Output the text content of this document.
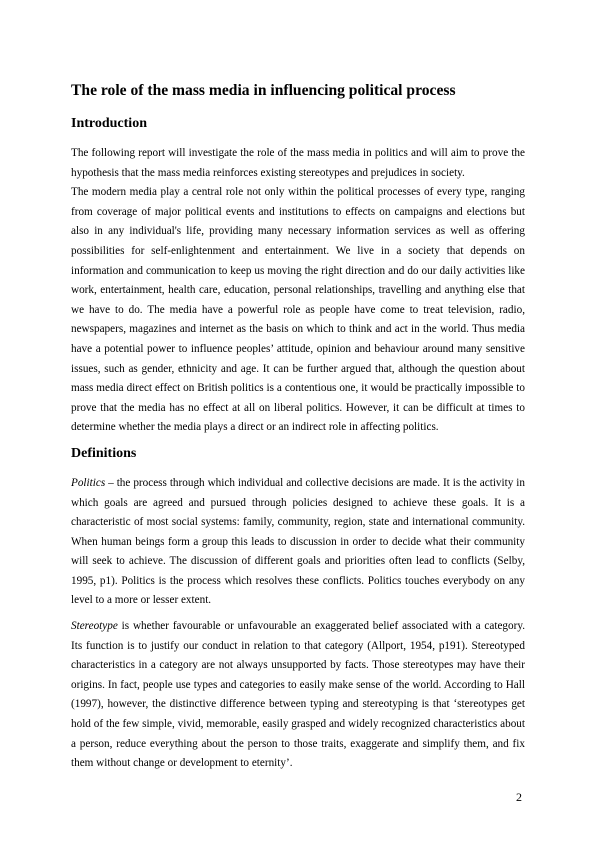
The role of the mass media in influencing political process
Introduction

The following report will investigate the role of the mass media in politics and will aim to prove the hypothesis that the mass media reinforces existing stereotypes and prejudices in society.

The modern media play a central role not only within the political processes of every type, ranging from coverage of major political events and institutions to effects on campaigns and elections but also in any individual's life, providing many necessary information services as well as offering possibilities for self-enlightenment and entertainment. We live in a society that depends on information and communication to keep us moving the right direction and do our daily activities like work, entertainment, health care, education, personal relationships, travelling and anything else that we have to do. The media have a powerful role as people have come to treat television, radio, newspapers, magazines and internet as the basis on which to think and act in the world. Thus media have a potential power to influence peoples’ attitude, opinion and behaviour around many sensitive issues, such as gender, ethnicity and age. It can be further argued that, although the question about mass media direct effect on British politics is a contentious one, it would be practically impossible to prove that the media has no effect at all on liberal politics. However, it can be difficult at times to determine whether the media plays a direct or an indirect role in affecting politics.

Definitions

Politics – the process through which individual and collective decisions are made. It is the activity in which goals are agreed and pursued through policies designed to achieve these goals. It is a characteristic of most social systems: family, community, region, state and international community. When human beings form a group this leads to discussion in order to decide what their community will seek to achieve. The discussion of different goals and priorities often lead to conflicts (Selby, 1995, p1). Politics is the process which resolves these conflicts. Politics touches everybody on any level to a more or lesser extent.

Stereotype is whether favourable or unfavourable an exaggerated belief associated with a category. Its function is to justify our conduct in relation to that category (Allport, 1954, p191). Stereotyped characteristics in a category are not always unsupported by facts. Those stereotypes may have their origins. In fact, people use types and categories to easily make sense of the world. According to Hall (1997), however, the distinctive difference between typing and stereotyping is that ‘stereotypes get hold of the few simple, vivid, memorable, easily grasped and widely recognized characteristics about a person, reduce everything about the person to those traits, exaggerate and simplify them, and fix them without change or development to eternity’.

2
